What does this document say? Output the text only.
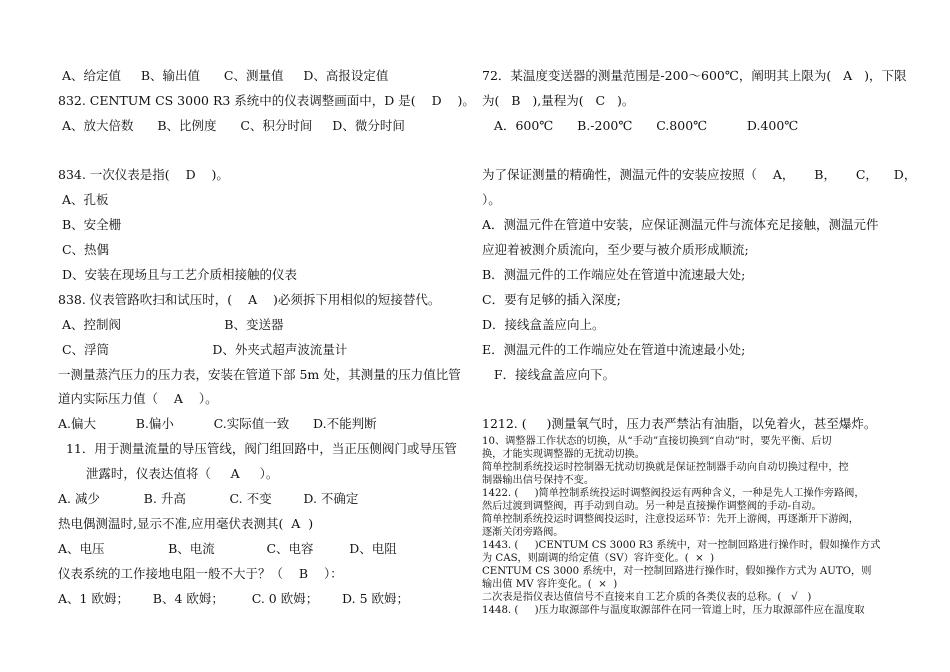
A、给定值     B、输出值      C、测量值     D、高报设定值
832. CENTUM CS 3000 R3 系统中的仪表调整画面中，D 是(    D    )。
A、放大倍数      B、比例度      C、积分时间     D、微分时间
834. 一次仪表是指(    D    )。
A、孔板
B、安全栅
C、热偶
D、安装在现场且与工艺介质相接触的仪表
838. 仪表管路吹扫和试压时，(    A    )必须拆下用相似的短接替代。
A、控制阀                          B、变送器
C、浮筒                          D、外夹式超声波流量计
一测量蒸汽压力的压力表，安装在管道下部 5m 处，其测量的压力值比管
道内实际压力值（    A    ）。
A.偏大          B.偏小          C.实际值一致      D.不能判断
11．用于测量流量的导压管线，阀门组回路中，当正压侧阀门或导压管
泄露时，仪表达值将（     A     ）。
A. 减少           B. 升高           C. 不变        D. 不确定
热电偶测温时,显示不准,应用毫伏表测其(  A  )
A、电压                B、电流             C、电容         D、电阻
仪表系统的工作接地电阻一般不大于？（    B    ）：
A、1 欧姆；      B、4 欧姆；       C. 0 欧姆；      D. 5 欧姆；
72．某温度变送器的测量范围是-200～600℃，阐明其上限为(   A   )，下限
为(   B   ),量程为(   C   )。
A．600℃      B.-200℃      C.800℃          D.400℃
为了保证测量的精确性，测温元件的安装应按照（    A，     B，     C，    D，
）。
A．测温元件在管道中安装，应保证测温元件与流体充足接触，测温元件
应迎着被测介质流向，至少要与被介质形成顺流;
B．测温元件的工作端应处在管道中流速最大处;
C．要有足够的插入深度;
D．接线盒盖应向上。
E．测温元件的工作端应处在管道中流速最小处;
F．接线盒盖应向下。
1212. (     )测量氧气时，压力表严禁沾有油脂，以免着火，甚至爆炸。
10、调整器工作状态的切换，从“手动”直接切换到“自动”时，要先平衡、后切
换，才能实现调整器的无扰动切换。
简单控制系统投运时控制器无扰动切换就是保证控制器手动向自动切换过程中，控
制器输出信号保持不变。
1422. (     )简单控制系统投运时调整阀投运有两种含义，一种是先人工操作旁路阀，
然后过渡到调整阀，再手动到自动。另一种是直接操作调整阀的手动-自动。
简单控制系统投运时调整阀投运时，注意投运环节：先开上游阀，再逐渐开下游阀，
逐渐关闭旁路阀。
1443. (     )CENTUM CS 3000 R3 系统中，对一控制回路进行操作时，假如操作方式
为 CAS，则副调的给定值（SV）容许变化。(  ×  )
CENTUM CS 3000 系统中，对一控制回路进行操作时，假如操作方式为 AUTO，则
输出值 MV 容许变化。(  ×  )
二次表是指仪表达值信号不直接来自工艺介质的各类仪表的总称。(   √   )
1448. (     )压力取源部件与温度取源部件在同一管道上时，压力取源部件应在温度取
